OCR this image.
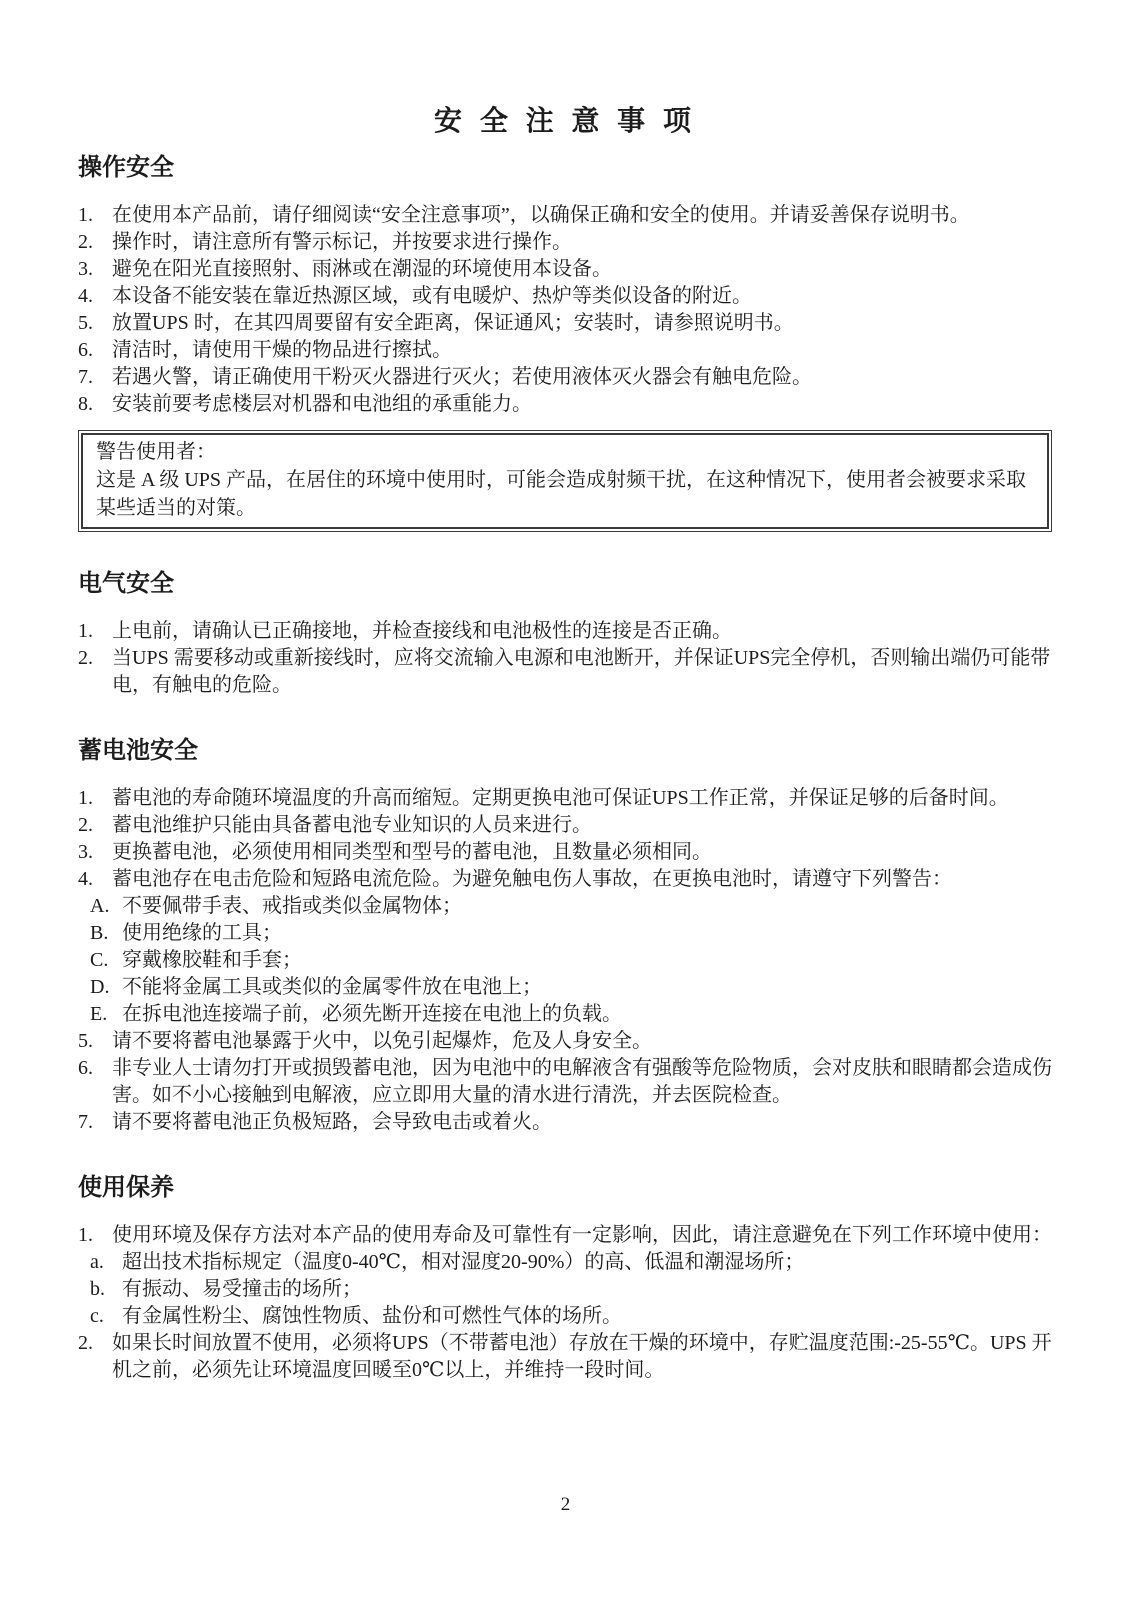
安 全 注 意 事 项
操作安全
1. 在使用本产品前，请仔细阅读“安全注意事项”，以确保正确和安全的使用。并请妥善保存说明书。
2. 操作时，请注意所有警示标记，并按要求进行操作。
3. 避免在阳光直接照射、雨淋或在潮湿的环境使用本设备。
4. 本设备不能安装在靠近热源区域，或有电暖炉、热炉等类似设备的附近。
5. 放置UPS 时，在其四周要留有安全距离，保证通风；安装时，请参照说明书。
6. 清洁时，请使用干燥的物品进行擦拭。
7. 若遇火警，请正确使用干粉灭火器进行灭火；若使用液体灭火器会有触电危险。
8. 安装前要考虑楼层对机器和电池组的承重能力。
警告使用者：
这是 A 级 UPS 产品，在居住的环境中使用时，可能会造成射频干扰，在这种情况下，使用者会被要求采取某些适当的对策。
电气安全
1. 上电前，请确认已正确接地，并检查接线和电池极性的连接是否正确。
2. 当UPS 需要移动或重新接线时，应将交流输入电源和电池断开，并保证UPS完全停机，否则输出端仍可能带电，有触电的危险。
蓄电池安全
1. 蓄电池的寿命随环境温度的升高而缩短。定期更换电池可保证UPS工作正常，并保证足够的后备时间。
2. 蓄电池维护只能由具备蓄电池专业知识的人员来进行。
3. 更换蓄电池，必须使用相同类型和型号的蓄电池，且数量必须相同。
4. 蓄电池存在电击危险和短路电流危险。为避免触电伤人事故，在更换电池时，请遵守下列警告：
A. 不要佩带手表、戒指或类似金属物体；
B. 使用绝缘的工具；
C. 穿戴橡胶鞋和手套；
D. 不能将金属工具或类似的金属零件放在电池上；
E. 在拆电池连接端子前，必须先断开连接在电池上的负载。
5. 请不要将蓄电池暴露于火中，以免引起爆炸，危及人身安全。
6. 非专业人士请勿打开或损毁蓄电池，因为电池中的电解液含有强酸等危险物质，会对皮肤和眼睛都会造成伤害。如不小心接触到电解液，应立即用大量的清水进行清洗，并去医院检查。
7. 请不要将蓄电池正负极短路，会导致电击或着火。
使用保养
1. 使用环境及保存方法对本产品的使用寿命及可靠性有一定影响，因此，请注意避免在下列工作环境中使用：
a. 超出技术指标规定（温度0-40℃，相对湿度20-90%）的高、低温和潮湿场所；
b. 有振动、易受撞击的场所；
c. 有金属性粉尘、腐蚀性物质、盐份和可燃性气体的场所。
2. 如果长时间放置不使用，必须将UPS（不带蓄电池）存放在干燥的环境中，存贮温度范围:-25-55℃。UPS 开机之前，必须先让环境温度回暖至0℃以上，并维持一段时间。
2
